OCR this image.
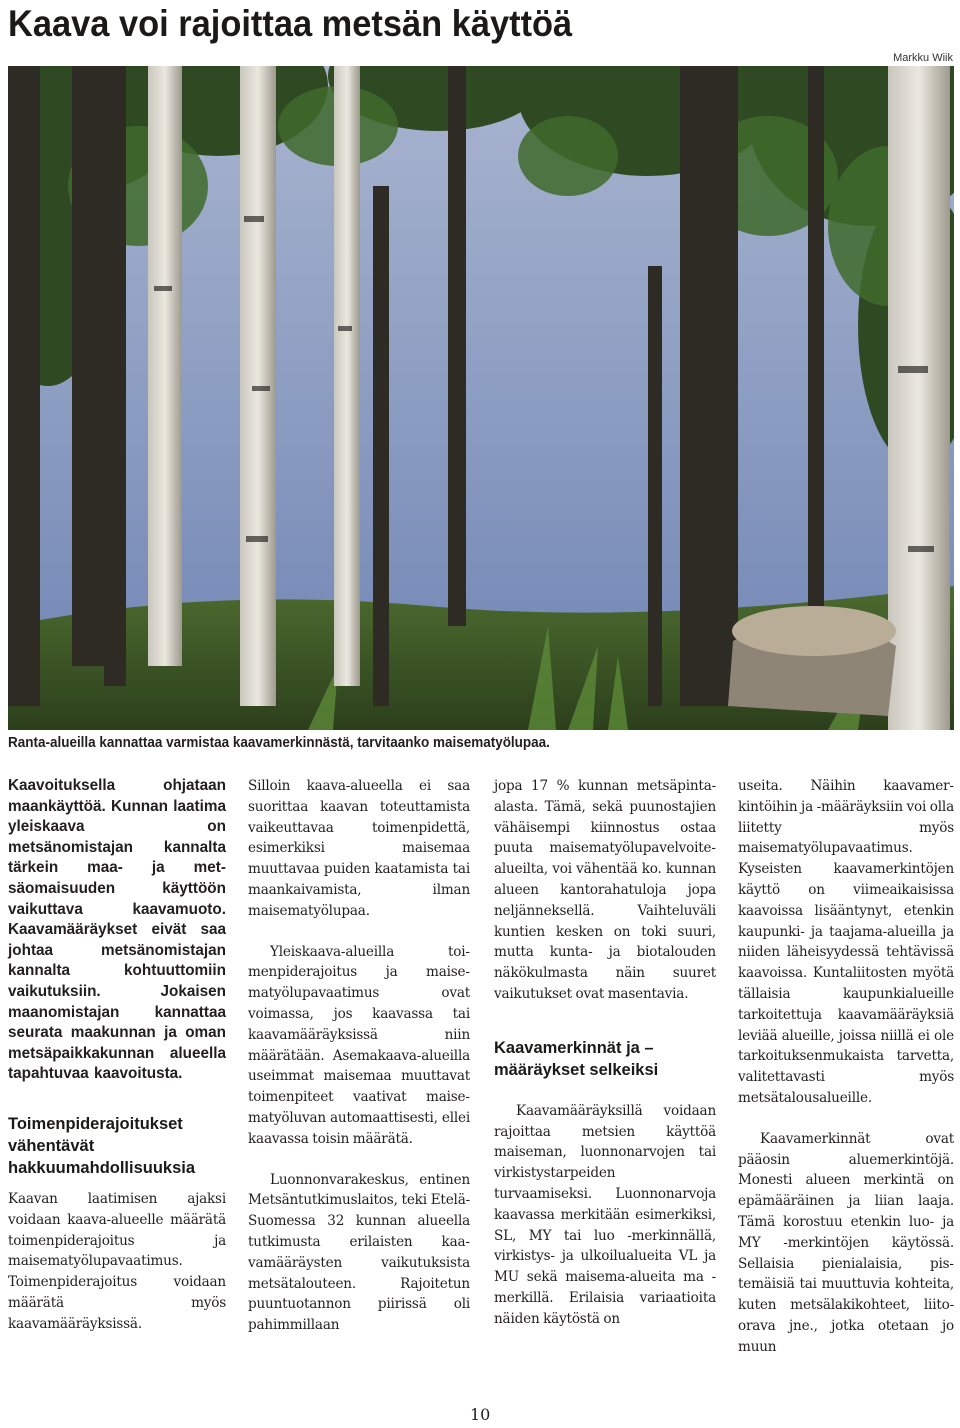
Kaava voi rajoittaa metsän käyttöä
Markku Wiik
Ranta-alueilla kannattaa varmistaa kaavamerkinnästä, tarvitaanko maisematyölupaa.

Kaavoituksella ohjataan maankäyttöä. Kunnan laatima yleiskaava on metsänomistajan kannalta tärkein maa- ja metsäomaisuuden käyttöön vaikuttava kaavamuoto. Kaavamääräykset eivät saa johtaa metsänomistajan kannalta kohtuuttomiin vaikutuksiin. Jokaisen maanomistajan kannattaa seurata maakunnan ja oman metsäpaikkakunnan alueella tapahtuvaa kaavoitusta.

Toimenpiderajoitukset
vähentävät
hakkuumahdollisuuksia

Kaavan laatimisen ajaksi voidaan kaava-alueelle määrätä toimenpiderajoitus ja maisematyölupavaatimus. Toimenpiderajoitus voidaan määrätä myös kaavamääräyksissä.

Silloin kaava-alueella ei saa suorittaa kaavan toteuttamista vaikeuttavaa toimenpidettä, esimerkiksi maisemaa muuttavaa puiden kaatamista tai maankaivamista, ilman maisematyölupaa.

Yleiskaava-alueilla toimenpiderajoitus ja maisematyölupavaatimus ovat voimassa, jos kaavassa tai kaavamääräyksissä niin määrätään. Asemakaava-alueilla useimmat maisemaa muuttavat toimenpiteet vaativat maisematyöluvan automaattisesti, ellei kaavassa toisin määrätä.

Luonnonvarakeskus, entinen Metsäntutkimuslaitos, teki Etelä-Suomessa 32 kunnan alueella tutkimusta erilaisten kaavamääräysten vaikutuksista metsätalouteen. Rajoitetun puuntuotannon piirissä oli pahimmillaan

jopa 17 % kunnan metsäpinta-alasta. Tämä, sekä puunostajien vähäisempi kiinnostus ostaa puuta maisematyölupavelvoitealueilta, voi vähentää ko. kunnan alueen kantorahatuloja jopa neljänneksellä. Vaihteluväli kuntien kesken on toki suuri, mutta kunta- ja biotalouden näkökulmasta näin suuret vaikutukset ovat masentavia.

Kaavamerkinnät ja –
määräykset selkeiksi

Kaavamääräyksillä voidaan rajoittaa metsien käyttöä maiseman, luonnonarvojen tai virkistystarpeiden turvaamiseksi. Luonnonarvoja kaavassa merkitään esimerkiksi, SL, MY tai luo -merkinnällä, virkistys- ja ulkoilualueita VL ja MU sekä maisema-alueita ma -merkillä. Erilaisia variaatioita näiden käytöstä on

useita. Näihin kaavamerkintöihin ja -määräyksiin voi olla liitetty myös maisematyölupavaatimus. Kyseisten kaavamerkintöjen käyttö on viimeaikaisissa kaavoissa lisääntynyt, etenkin kaupunki- ja taajama-alueilla ja niiden läheisyydessä tehtävissä kaavoissa. Kuntaliitosten myötä tällaisia kaupunkialueille tarkoitettuja kaavamääräyksiä leviää alueille, joissa niillä ei ole tarkoituksenmukaista tarvetta, valitettavasti myös metsätalousalueille.

Kaavamerkinnät ovat pääosin aluemerkintöjä. Monesti alueen merkintä on epämääräinen ja liian laaja. Tämä korostuu etenkin luo- ja MY -merkintöjen käytössä. Sellaisia pienialaisia, pistemäisiä tai muuttuvia kohteita, kuten metsälakikohteet, liito-orava jne., jotka otetaan jo muun

10
